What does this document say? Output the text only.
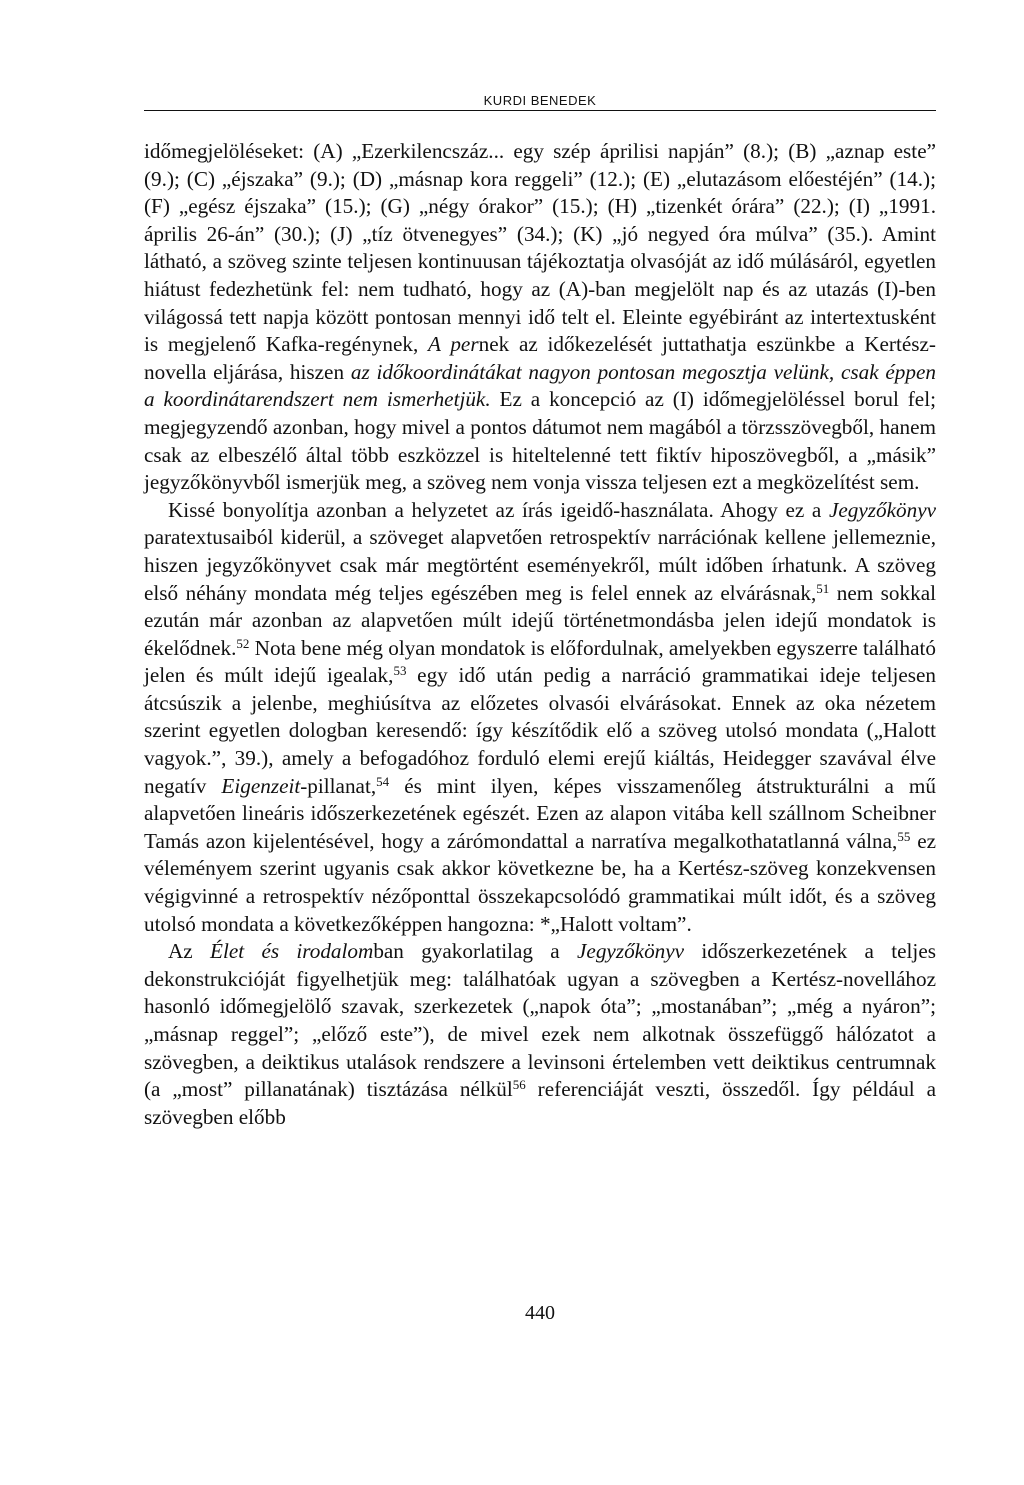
KURDI BENEDEK

időmegjelöléseket: (A) „Ezerkilencszáz... egy szép áprilisi napján” (8.); (B) „aznap este” (9.); (C) „éjszaka” (9.); (D) „másnap kora reggeli” (12.); (E) „elutazásom előestéjén” (14.); (F) „egész éjszaka” (15.); (G) „négy órakor” (15.); (H) „tizenkét órára” (22.); (I) „1991. április 26-án” (30.); (J) „tíz ötvenegyes” (34.); (K) „jó negyed óra múlva” (35.). Amint látható, a szöveg szinte teljesen kontinuusan tájékoztatja olvasóját az idő múlásáról, egyetlen hiátust fedezhetünk fel: nem tudható, hogy az (A)-ban megjelölt nap és az utazás (I)-ben világossá tett napja között pontosan mennyi idő telt el. Eleinte egyébiránt az intertextusként is megjelenő Kafka-regénynek, A pernek az időkezelését juttathatja eszünkbe a Kertész-novella eljárása, hiszen az időkoordinátákat nagyon pontosan megosztja velünk, csak éppen a koordinátarendszert nem ismerhetjük. Ez a koncepció az (I) időmegjelöléssel borul fel; megjegyzendő azonban, hogy mivel a pontos dátumot nem magából a törzsszövegből, hanem csak az elbeszélő által több eszközzel is hiteltelenné tett fiktív hiposzövegből, a „másik” jegyzőkönyvből ismerjük meg, a szöveg nem vonja vissza teljesen ezt a megközelítést sem.

Kissé bonyolítja azonban a helyzetet az írás igeidő-használata. Ahogy ez a Jegyzőkönyv paratextusaiból kiderül, a szöveget alapvetően retrospektív narrációnak kellene jellemeznie, hiszen jegyzőkönyvet csak már megtörtént eseményekről, múlt időben írhatunk. A szöveg első néhány mondata még teljes egészében meg is felel ennek az elvárásnak,$^{51}$ nem sokkal ezután már azonban az alapvetően múlt idejű történetmondásba jelen idejű mondatok is ékelődnek.$^{52}$ Nota bene még olyan mondatok is előfordulnak, amelyekben egyszerre található jelen és múlt idejű igealak,$^{53}$ egy idő után pedig a narráció grammatikai ideje teljesen átcsúszik a jelenbe, meghiúsítva az előzetes olvasói elvárásokat. Ennek az oka nézetem szerint egyetlen dologban keresendő: így készítődik elő a szöveg utolsó mondata („Halott vagyok.”, 39.), amely a befogadóhoz forduló elemi erejű kiáltás, Heidegger szavával élve negatív Eigenzeit-pillanat,$^{54}$ és mint ilyen, képes visszamenőleg átstrukturálni a mű alapvetően lineáris időszerkezetének egészét. Ezen az alapon vitába kell szállnom Scheibner Tamás azon kijelentésével, hogy a zárómondattal a narratíva megalkothatatlanná válna,$^{55}$ ez véleményem szerint ugyanis csak akkor következne be, ha a Kertész-szöveg konzekvensen végigvinné a retrospektív nézőponttal összekapcsolódó grammatikai múlt időt, és a szöveg utolsó mondata a következőképpen hangozna: *„Halott voltam”.

Az Élet és irodalomban gyakorlatilag a Jegyzőkönyv időszerkezetének a teljes dekonstrukcióját figyelhetjük meg: találhatóak ugyan a szövegben a Kertész-novellához hasonló időmegjelölő szavak, szerkezetek („napok óta”; „mostanában”; „még a nyáron”; „másnap reggel”; „előző este”), de mivel ezek nem alkotnak összefüggő hálózatot a szövegben, a deiktikus utalások rendszere a levinsoni értelemben vett deiktikus centrumnak (a „most” pillanatának) tisztázása nélkül$^{56}$ referenciáját veszti, összedől. Így például a szövegben előbb

440
